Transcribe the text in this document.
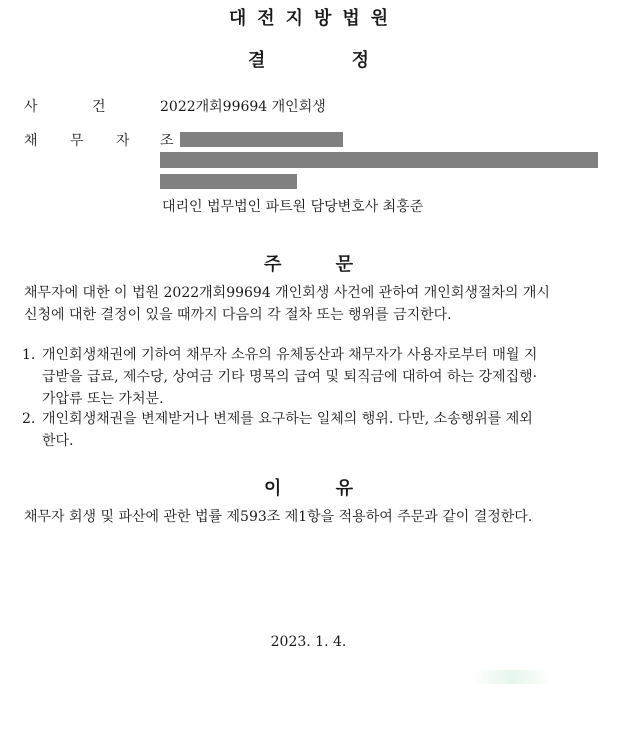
대전지방법원
결 정
사 건	2022개회99694 개인회생
채 무 자 조
대리인 법무법인 파트원 담당변호사 최홍준
주 문
채무자에 대한 이 법원 2022개회99694 개인회생 사건에 관하여 개인회생절차의 개시
신청에 대한 결정이 있을 때까지 다음의 각 절차 또는 행위를 금지한다.
1. 개인회생채권에 기하여 채무자 소유의 유체동산과 채무자가 사용자로부터 매월 지
급받을 급료, 제수당, 상여금 기타 명목의 급여 및 퇴직금에 대하여 하는 강제집행·
가압류 또는 가처분.
2. 개인회생채권을 변제받거나 변제를 요구하는 일체의 행위. 다만, 소송행위를 제외
한다.
이 유
채무자 회생 및 파산에 관한 법률 제593조 제1항을 적용하여 주문과 같이 결정한다.
2023. 1. 4.
